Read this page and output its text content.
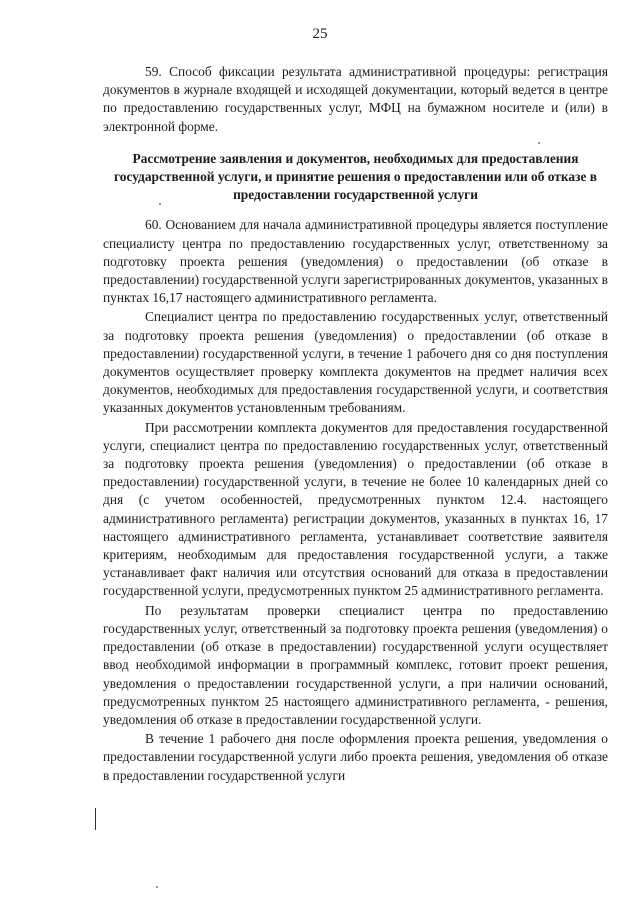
25

59. Способ фиксации результата административной процедуры: регистрация документов в журнале входящей и исходящей документации, который ведется в центре по предоставлению государственных услуг, МФЦ на бумажном носителе и (или) в электронной форме.

Рассмотрение заявления и документов, необходимых для предоставления государственной услуги, и принятие решения о предоставлении или об отказе в предоставлении государственной услуги

60. Основанием для начала административной процедуры является поступление специалисту центра по предоставлению государственных услуг, ответственному за подготовку проекта решения (уведомления) о предоставлении (об отказе в предоставлении) государственной услуги зарегистрированных документов, указанных в пунктах 16,17 настоящего административного регламента.

Специалист центра по предоставлению государственных услуг, ответственный за подготовку проекта решения (уведомления) о предоставлении (об отказе в предоставлении) государственной услуги, в течение 1 рабочего дня со дня поступления документов осуществляет проверку комплекта документов на предмет наличия всех документов, необходимых для предоставления государственной услуги, и соответствия указанных документов установленным требованиям.

При рассмотрении комплекта документов для предоставления государственной услуги, специалист центра по предоставлению государственных услуг, ответственный за подготовку проекта решения (уведомления) о предоставлении (об отказе в предоставлении) государственной услуги, в течение не более 10 календарных дней со дня (с учетом особенностей, предусмотренных пунктом 12.4. настоящего административного регламента) регистрации документов, указанных в пунктах 16, 17 настоящего административного регламента, устанавливает соответствие заявителя критериям, необходимым для предоставления государственной услуги, а также устанавливает факт наличия или отсутствия оснований для отказа в предоставлении государственной услуги, предусмотренных пунктом 25 административного регламента.

По результатам проверки специалист центра по предоставлению государственных услуг, ответственный за подготовку проекта решения (уведомления) о предоставлении (об отказе в предоставлении) государственной услуги осуществляет ввод необходимой информации в программный комплекс, готовит проект решения, уведомления о предоставлении государственной услуги, а при наличии оснований, предусмотренных пунктом 25 настоящего административного регламента, - решения, уведомления об отказе в предоставлении государственной услуги.

В течение 1 рабочего дня после оформления проекта решения, уведомления о предоставлении государственной услуги либо проекта решения, уведомления об отказе в предоставлении государственной услуги
